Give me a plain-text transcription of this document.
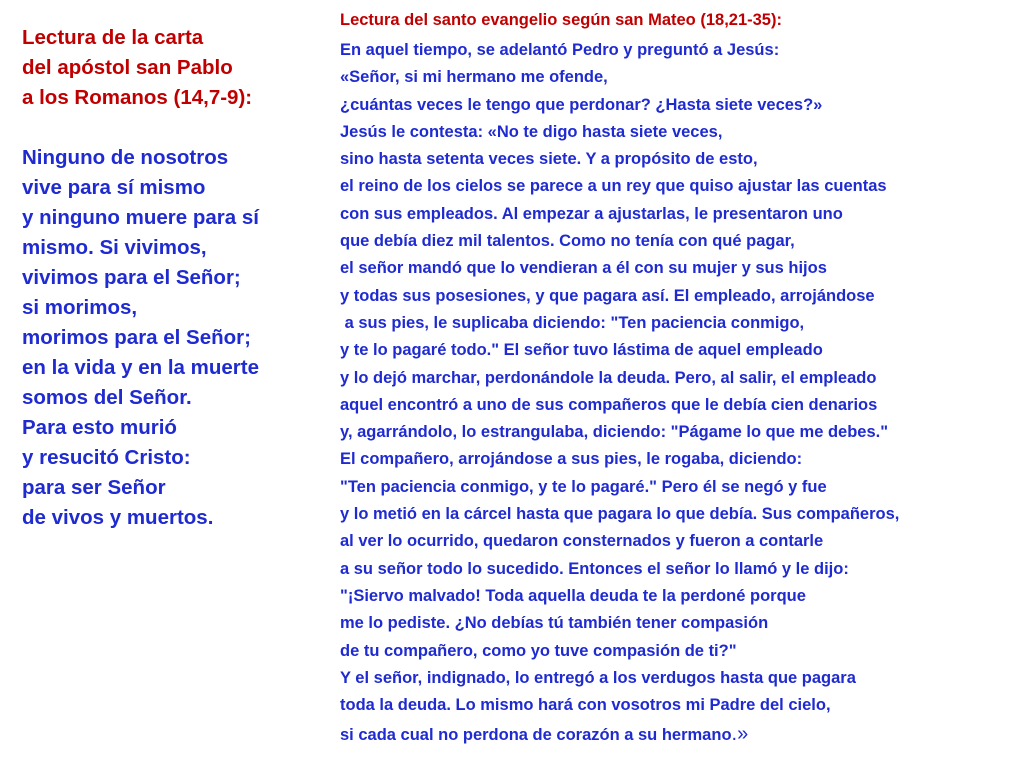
Lectura de la carta
del apóstol san Pablo
a los Romanos (14,7-9):
Ninguno de nosotros
vive para sí mismo
y ninguno muere para sí
mismo. Si vivimos,
vivimos para el Señor;
si morimos,
morimos para el Señor;
en la vida y en la muerte
somos del Señor.
Para esto murió
y resucitó Cristo:
para ser Señor
de vivos y muertos.
Lectura del santo evangelio según san Mateo (18,21-35):
En aquel tiempo, se adelantó Pedro y preguntó a Jesús:
«Señor, si mi hermano me ofende,
¿cuántas veces le tengo que perdonar? ¿Hasta siete veces?»
Jesús le contesta: «No te digo hasta siete veces,
sino hasta setenta veces siete. Y a propósito de esto,
el reino de los cielos se parece a un rey que quiso ajustar las cuentas
con sus empleados. Al empezar a ajustarlas, le presentaron uno
que debía diez mil talentos. Como no tenía con qué pagar,
el señor mandó que lo vendieran a él con su mujer y sus hijos
y todas sus posesiones, y que pagara así. El empleado, arrojándose
a sus pies, le suplicaba diciendo: "Ten paciencia conmigo,
y te lo pagaré todo." El señor tuvo lástima de aquel empleado
y lo dejó marchar, perdonándole la deuda. Pero, al salir, el empleado
aquel encontró a uno de sus compañeros que le debía cien denarios
y, agarrándolo, lo estrangulaba, diciendo: "Págame lo que me debes."
El compañero, arrojándose a sus pies, le rogaba, diciendo:
"Ten paciencia conmigo, y te lo pagaré." Pero él se negó y fue
y lo metió en la cárcel hasta que pagara lo que debía. Sus compañeros,
al ver lo ocurrido, quedaron consternados y fueron a contarle
a su señor todo lo sucedido. Entonces el señor lo llamó y le dijo:
"¡Siervo malvado! Toda aquella deuda te la perdoné porque
me lo pediste. ¿No debías tú también tener compasión
de tu compañero, como yo tuve compasión de ti?"
Y el señor, indignado, lo entregó a los verdugos hasta que pagara
toda la deuda. Lo mismo hará con vosotros mi Padre del cielo,
si cada cual no perdona de corazón a su hermano.»
